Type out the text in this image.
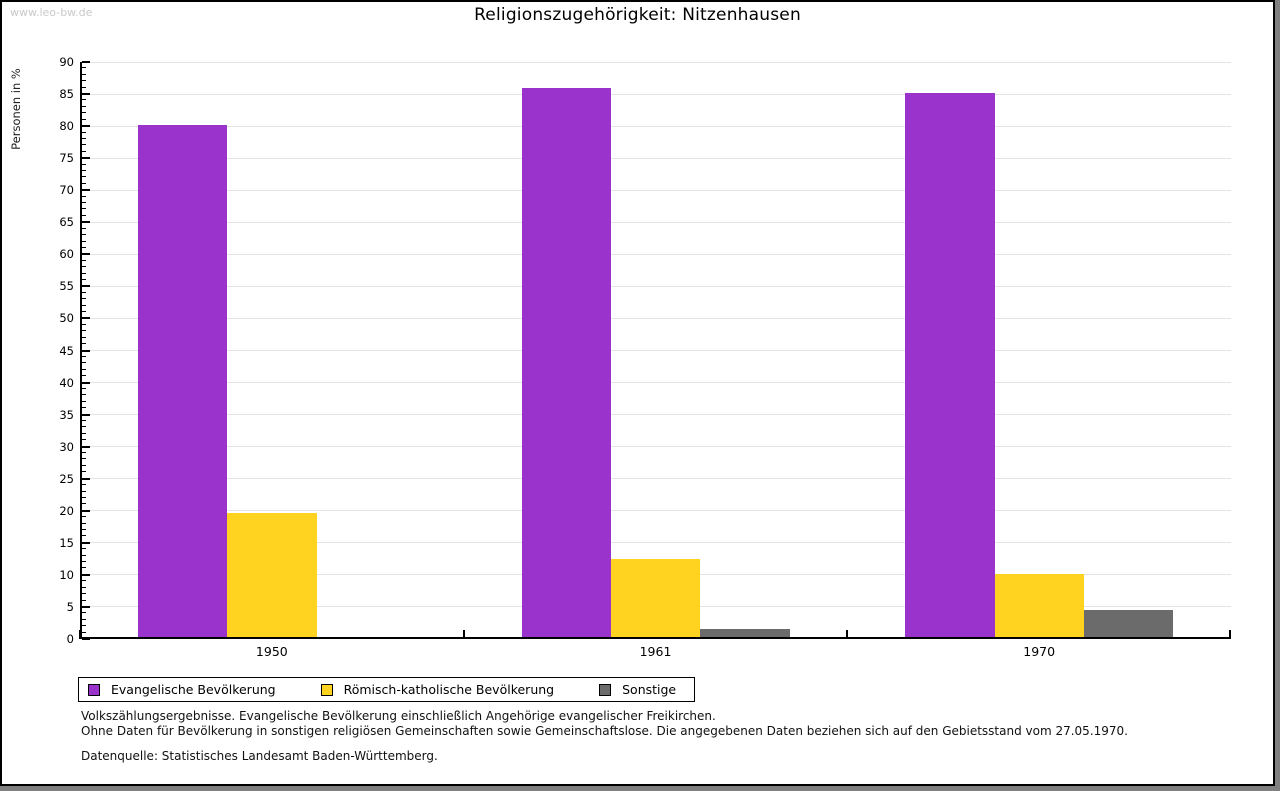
www.leo-bw.de	Religionszugehörigkeit: Nitzenhausen
Personen in %
0
5
10
15
20
25
30
35
40
45
50
55
60
65
70
75
80
85
90
1950	1961	1970
Evangelische Bevölkerung	Römisch-katholische Bevölkerung	Sonstige
Volkszählungsergebnisse. Evangelische Bevölkerung einschließlich Angehörige evangelischer Freikirchen.
Ohne Daten für Bevölkerung in sonstigen religiösen Gemeinschaften sowie Gemeinschaftslose. Die angegebenen Daten beziehen sich auf den Gebietsstand vom 27.05.1970.
Datenquelle: Statistisches Landesamt Baden-Württemberg.
